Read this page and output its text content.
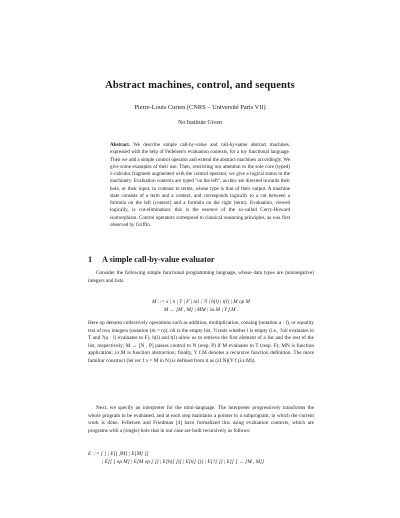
Abstract machines, control, and sequents
Pierre-Louis Curien (CNRS – Université Paris VII)
No Institute Given
Abstract. We describe simple call-by-value and call-by-name abstract machines, expressed with the help of Felleisen's evaluation contexts, for a toy functional language. Then we add a simple control operator and extend the abstract machines accordingly. We give some examples of their use. Then, restricting our attention to the sole core (typed) λ-calculus fragment augmented with the control operator, we give a logical status to the machinery. Evaluation contexts are typed "on the left", as they are directed towards their hole, or their input, in contrast to terms, whose type is that of their output. A machine state consists of a term and a context, and corresponds logically to a cut between a formula on the left (context) and a formula on the right (term). Evaluation, viewed logically, is cut-elimination: this is the essence of the so-called Curry-Howard isomorphism. Control operators correspond to classical reasoning principles, as was first observed by Griffin.
1 A simple call-by-value evaluator
Consider the following simple functional programming language, whose data types are (nonnegative) integers and lists.
M ::= x | n | T | F | nil | ?l | h(l) | t(l) | M op M
M → [M , M] | MM | λx.M | Y f.M .
Here op denotes collectively operations such as addition, multiplication, consing (notation a · l), or equality test of two integers (notation (m = n)); nil is the empty list, ?l tests whether l is empty (i.e., ?nil evaluates to T and ?(a · l) evaluates to F), h(l) and t(l) allow us to retrieve the first element of a list and the rest of the list, respectively; M → [N , P] passes control to N (resp. P) if M evaluates to T (resp. F); MN is function application; λx.M is function abstraction; finally, Y f.M denotes a recursive function definition. The more familiar construct (let rec f x = M in N) is defined from it as (λf.N)(Y f.(λx.M)).
Next, we specify an interpreter for the mini-language. The interpreter progressively transforms the whole program to be evaluated, and at each step maintains a pointer to a subprogram, in which the current work is done. Felleisen and Friedman [4] have formalized this using evaluation contexts, which are programs with a (single) hole that in our case are built recursively as follows:
E ::= [ ] | E[[ ]M] | E[M[ ]]
| E[[ ] op M] | E[M op [ ]] | E[h([ ])] | E[t([ ])] | E[?[ ]] | E[[ ] → [M , M]]
